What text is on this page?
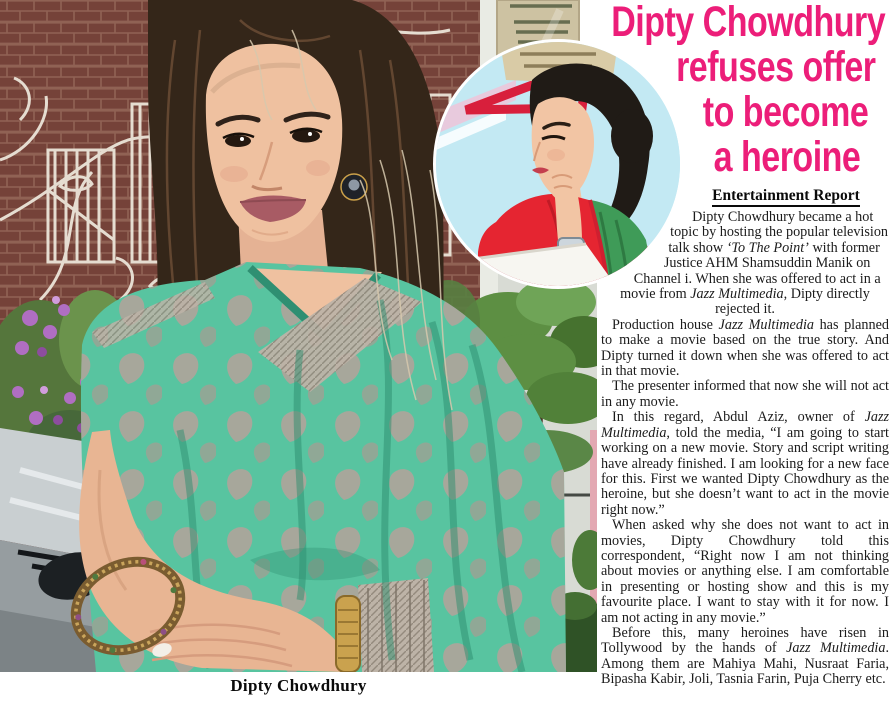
Dipty Chowdhury
Dipty Chowdhury
refuses offer
to become
a heroine
Entertainment Report

Dipty Chowdhury became a hot topic by hosting the popular television talk show ‘To The Point’ with former Justice AHM Shamsuddin Manik on Channel i. When she was offered to act in a movie from Jazz Multimedia, Dipty directly rejected it.

Production house Jazz Multimedia has planned to make a movie based on the true story. And Dipty turned it down when she was offered to act in that movie.

The presenter informed that now she will not act in any movie.

In this regard, Abdul Aziz, owner of Jazz Multimedia, told the media, “I am going to start working on a new movie. Story and script writing have already finished. I am looking for a new face for this. First we wanted Dipty Chowdhury as the heroine, but she doesn’t want to act in the movie right now.”

When asked why she does not want to act in movies, Dipty Chowdhury told this correspondent, “Right now I am not thinking about movies or anything else. I am comfortable in presenting or hosting show and this is my favourite place. I want to stay with it for now. I am not acting in any movie.”

Before this, many heroines have risen in Tollywood by the hands of Jazz Multimedia. Among them are Mahiya Mahi, Nusraat Faria, Bipasha Kabir, Joli, Tasnia Farin, Puja Cherry etc.
